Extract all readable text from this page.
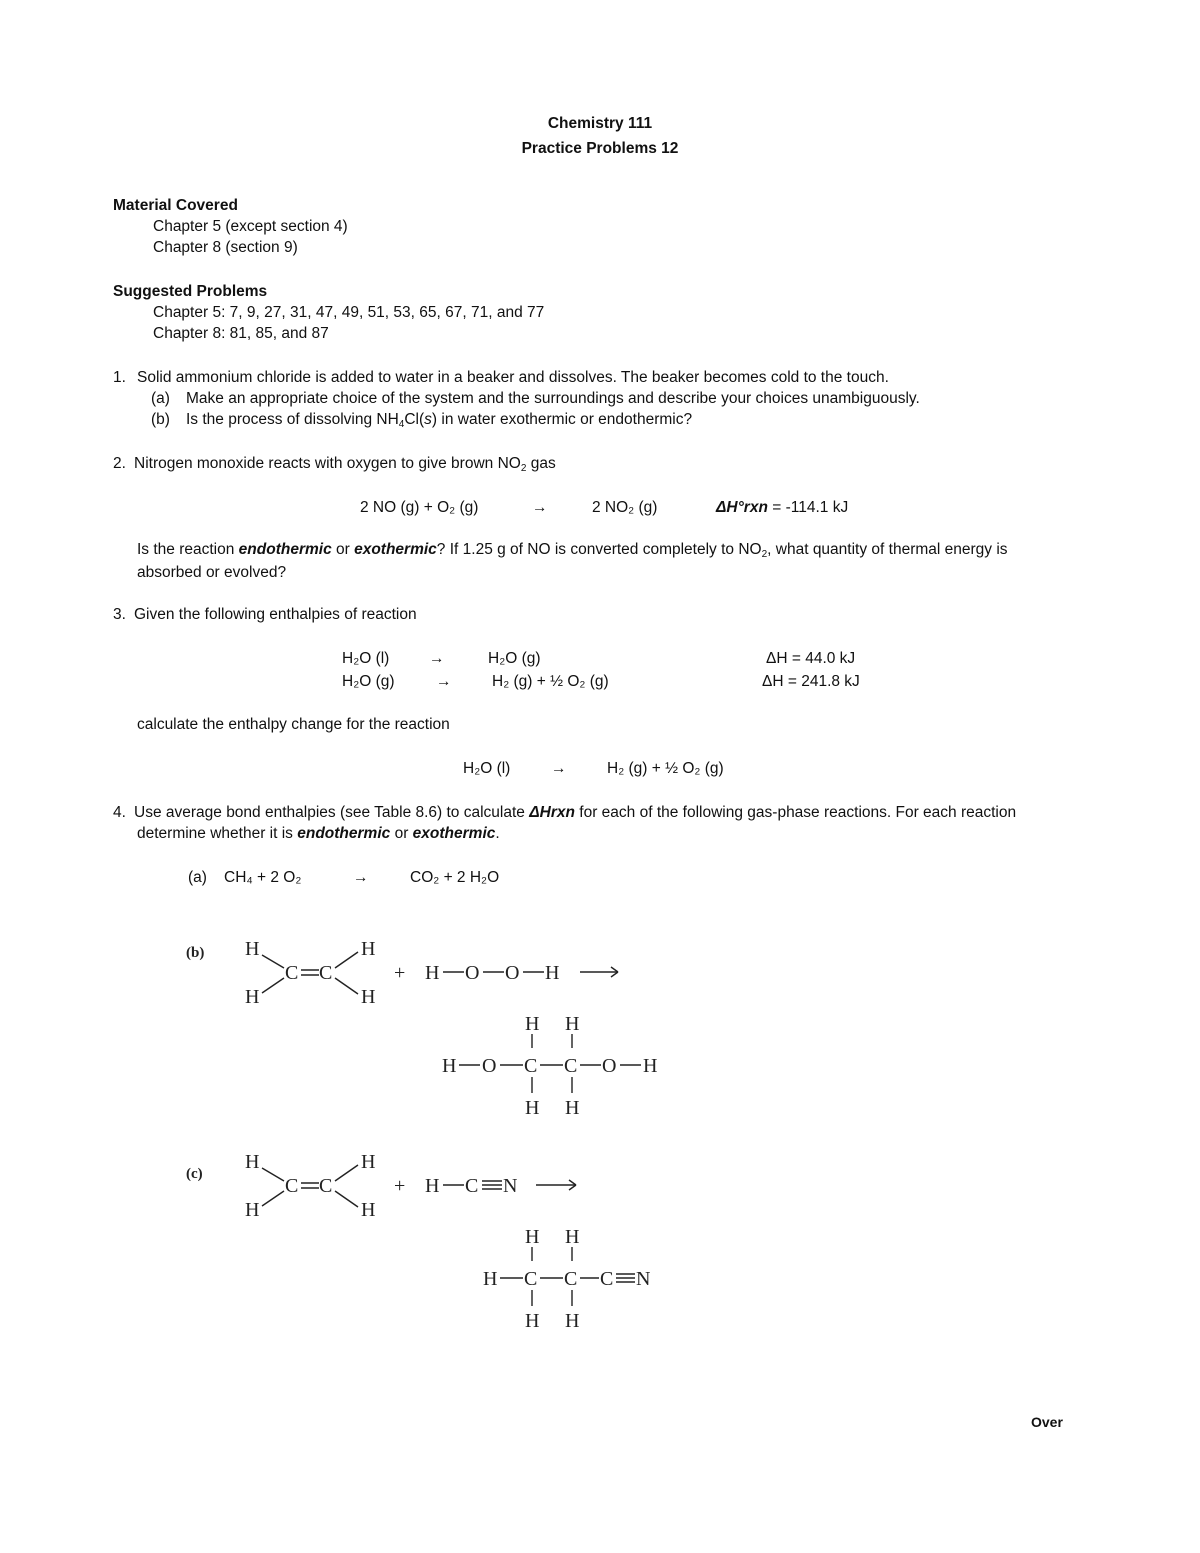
Chemistry 111
Practice Problems 12
Material Covered
Chapter 5 (except section 4)
Chapter 8 (section 9)
Suggested Problems
Chapter 5: 7, 9, 27, 31, 47, 49, 51, 53, 65, 67, 71, and 77
Chapter 8: 81, 85, and 87
1. Solid ammonium chloride is added to water in a beaker and dissolves. The beaker becomes cold to the touch.
(a) Make an appropriate choice of the system and the surroundings and describe your choices unambiguously.
(b) Is the process of dissolving $NH_4Cl(s)$ in water exothermic or endothermic?
2. Nitrogen monoxide reacts with oxygen to give brown $NO_2$ gas
2 NO (g) + O₂ (g)	→	2 NO₂ (g)	ΔH°rxn = -114.1 kJ
Is the reaction endothermic or exothermic? If 1.25 g of NO is converted completely to $NO_2$, what quantity of thermal energy is
absorbed or evolved?
3. Given the following enthalpies of reaction
H₂O (l)	→	H₂O (g)	ΔH = 44.0 kJ
H₂O (g)	→	H₂ (g) + ½ O₂ (g)	ΔH = 241.8 kJ
calculate the enthalpy change for the reaction
H₂O (l)	→	H₂ (g) + ½ O₂ (g)
4. Use average bond enthalpies (see Table 8.6) to calculate ΔHrxn for each of the following gas-phase reactions. For each reaction
determine whether it is endothermic or exothermic.
(a) CH₄ + 2 O₂	→	CO₂ + 2 H₂O
(b) H
H
C C
H
H
+ H O O H
H H
H O C C O H
H H
(c)
H
H
C C
H
H
+ H C N
H H
H C C C N
H H
Over
